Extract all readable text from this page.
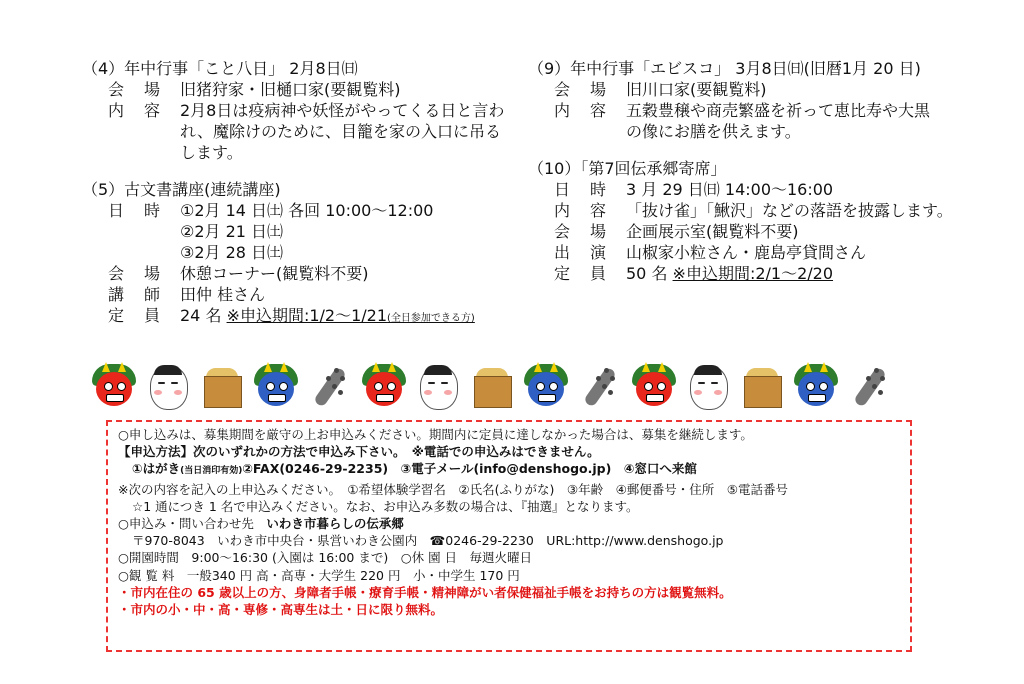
（4）年中行事「こと八日」 2月8日㈰
会　場	旧猪狩家・旧樋口家(要観覧料)
内　容	2月8日は疫病神や妖怪がやってくる日と言われ、魔除けのために、目籠を家の入口に吊るします。
（5）古文書講座(連続講座)
日　時	①2月 14 日㈯ 各回 10:00～12:00
②2月 21 日㈯
③2月 28 日㈯
会　場	休憩コーナー(観覧料不要)
講　師	田仲 桂さん
定　員	24 名 ※申込期間:1/2～1/21(全日参加できる方)
（9）年中行事「エビスコ」 3月8日㈰(旧暦1月 20 日)
会　場	旧川口家(要観覧料)
内　容	五穀豊穣や商売繁盛を祈って恵比寿や大黒
の像にお膳を供えます。
（10）「第7回伝承郷寄席」
日　時	3 月 29 日㈰ 14:00～16:00
内　容	「抜け雀」「鰍沢」などの落語を披露します。
会　場	企画展示室(観覧料不要)
出　演	山椒家小粒さん・鹿島亭貸間さん
定　員	50 名 ※申込期間:2/1～2/20
○申し込みは、募集期間を厳守の上お申込みください。期間内に定員に達しなかった場合は、募集を継続します。
【申込方法】次のいずれかの方法で申込み下さい。　※電話での申込みはできません。
①はがき(当日消印有効)②FAX(0246-29-2235)　③電子メール(info@denshogo.jp)　④窓口へ来館
※次の内容を記入の上申込みください。　①希望体験学習名　②氏名(ふりがな)　③年齢　④郵便番号・住所　⑤電話番号
☆1 通につき 1 名で申込みください。なお、お申込み多数の場合は、『抽選』となります。
○申込み・問い合わせ先　いわき市暮らしの伝承郷
〒970-8043　いわき市中央台・県営いわき公園内　☎0246-29-2230　URL:http://www.denshogo.jp
○開園時間　9:00～16:30 (入園は 16:00 まで)　○休 園 日　毎週火曜日
○観 覧 料　一般340 円 高・高専・大学生 220 円　小・中学生 170 円
・市内在住の 65 歳以上の方、身障者手帳・療育手帳・精神障がい者保健福祉手帳をお持ちの方は観覧無料。
・市内の小・中・高・専修・高専生は土・日に限り無料。
